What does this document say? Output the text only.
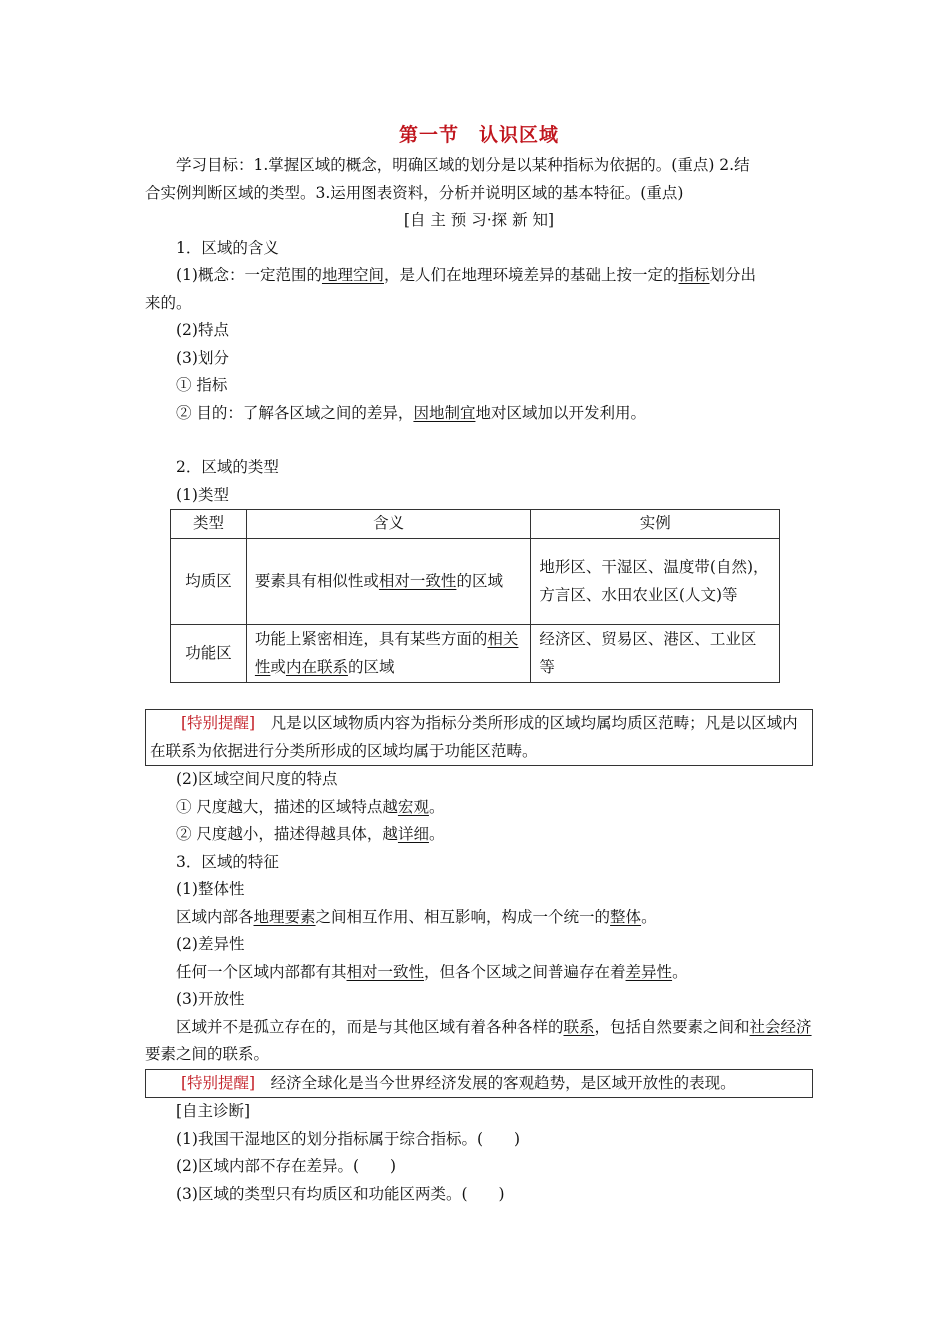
第一节　认识区域

学习目标：1.掌握区域的概念，明确区域的划分是以某种指标为依据的。(重点) 2.结

合实例判断区域的类型。3.运用图表资料，分析并说明区域的基本特征。(重点)

[自 主 预 习·探 新 知]

1．区域的含义

(1)概念：一定范围的地理空间，是人们在地理环境差异的基础上按一定的指标划分出

来的。

(2)特点

(3)划分

① 指标

② 目的：了解各区域之间的差异，因地制宜地对区域加以开发利用。

2．区域的类型

(1)类型

类型	含义	实例
均质区	要素具有相似性或相对一致性的区域	地形区、干湿区、温度带(自然)，方言区、水田农业区(人文)等
功能区	功能上紧密相连，具有某些方面的相关性或内在联系的区域	经济区、贸易区、港区、工业区等
[特别提醒]　 凡是以区域物质内容为指标分类所形成的区域均属均质区范畴；凡是以区域内在联系为依据进行分类所形成的区域均属于功能区范畴。

(2)区域空间尺度的特点

① 尺度越大，描述的区域特点越宏观。

② 尺度越小，描述得越具体，越详细。

3．区域的特征

(1)整体性

区域内部各地理要素之间相互作用、相互影响，构成一个统一的整体。

(2)差异性

任何一个区域内部都有其相对一致性，但各个区域之间普遍存在着差异性。

(3)开放性

区域并不是孤立存在的，而是与其他区域有着各种各样的联系，包括自然要素之间和社会经济要素之间的联系。

[特别提醒]　 经济全球化是当今世界经济发展的客观趋势，是区域开放性的表现。

[自主诊断]

(1)我国干湿地区的划分指标属于综合指标。(　　)

(2)区域内部不存在差异。(　　)

(3)区域的类型只有均质区和功能区两类。(　　)
